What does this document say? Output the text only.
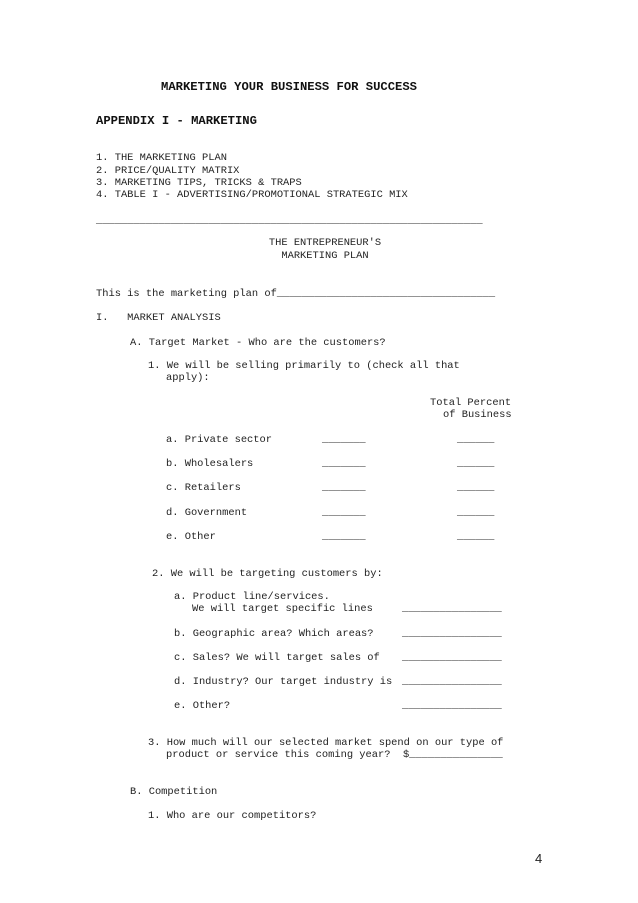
MARKETING YOUR BUSINESS FOR SUCCESS
APPENDIX I - MARKETING
1. THE MARKETING PLAN
2. PRICE/QUALITY MATRIX
3. MARKETING TIPS, TRICKS & TRAPS
4. TABLE I - ADVERTISING/PROMOTIONAL STRATEGIC MIX
______________________________________________________________
THE ENTREPRENEUR'S
MARKETING PLAN
This is the marketing plan of___________________________________
I.   MARKET ANALYSIS
A. Target Market - Who are the customers?
1. We will be selling primarily to (check all that
apply):
Total Percent
of Business
a. Private sector	_______	______
b. Wholesalers	_______	______
c. Retailers	_______	______
d. Government	_______	______
e. Other	_______	______
2. We will be targeting customers by:
a. Product line/services.
We will target specific lines	________________
b. Geographic area? Which areas?	________________
c. Sales? We will target sales of ________________
d. Industry? Our target industry is ________________
e. Other?	________________
3. How much will our selected market spend on our type of
product or service this coming year?  $_______________
B. Competition
1. Who are our competitors?
4
